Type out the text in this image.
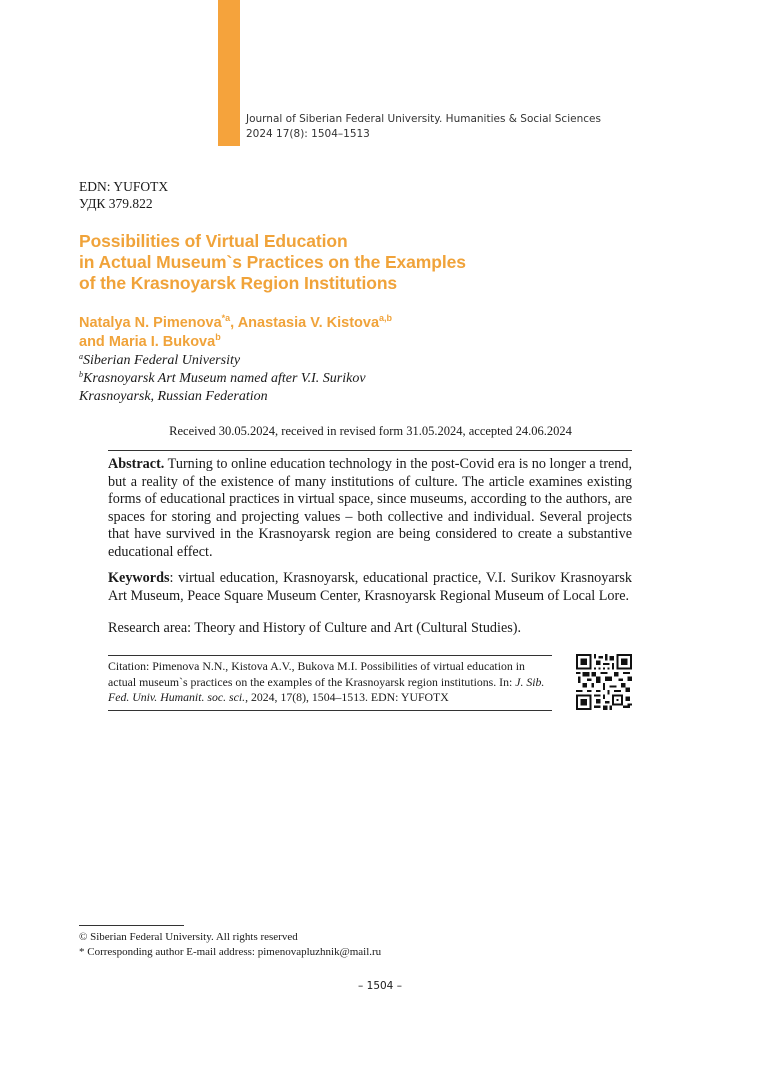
Journal of Siberian Federal University. Humanities & Social Sciences
2024 17(8): 1504–1513
EDN: YUFOTX
УДК 379.822
Possibilities of Virtual Education
in Actual Museum`s Practices on the Examples
of the Krasnoyarsk Region Institutions
Natalya N. Pimenova$^{*a}$, Anastasia V. Kistova$^{a,b}$
and Maria I. Bukova$^b$
$^a$Siberian Federal University
$^b$Krasnoyarsk Art Museum named after V.I. Surikov
Krasnoyarsk, Russian Federation
Received 30.05.2024, received in revised form 31.05.2024, accepted 24.06.2024
Abstract. Turning to online education technology in the post-Covid era is no longer a trend, but a reality of the existence of many institutions of culture. The article examines existing forms of educational practices in virtual space, since museums, according to the authors, are spaces for storing and projecting values – both collective and individual. Several projects that have survived in the Krasnoyarsk region are being considered to create a substantive educational effect.
Keywords: virtual education, Krasnoyarsk, educational practice, V.I. Surikov Krasnoyarsk Art Museum, Peace Square Museum Center, Krasnoyarsk Regional Museum of Local Lore.
Research area: Theory and History of Culture and Art (Cultural Studies).
Citation: Pimenova N.N., Kistova A.V., Bukova M.I. Possibilities of virtual education in actual museum`s practices on the examples of the Krasnoyarsk region institutions. In: J. Sib. Fed. Univ. Humanit. soc. sci., 2024, 17(8), 1504–1513. EDN: YUFOTX
© Siberian Federal University. All rights reserved
* Corresponding author E-mail address: pimenovapluzhnik@mail.ru
– 1504 –
